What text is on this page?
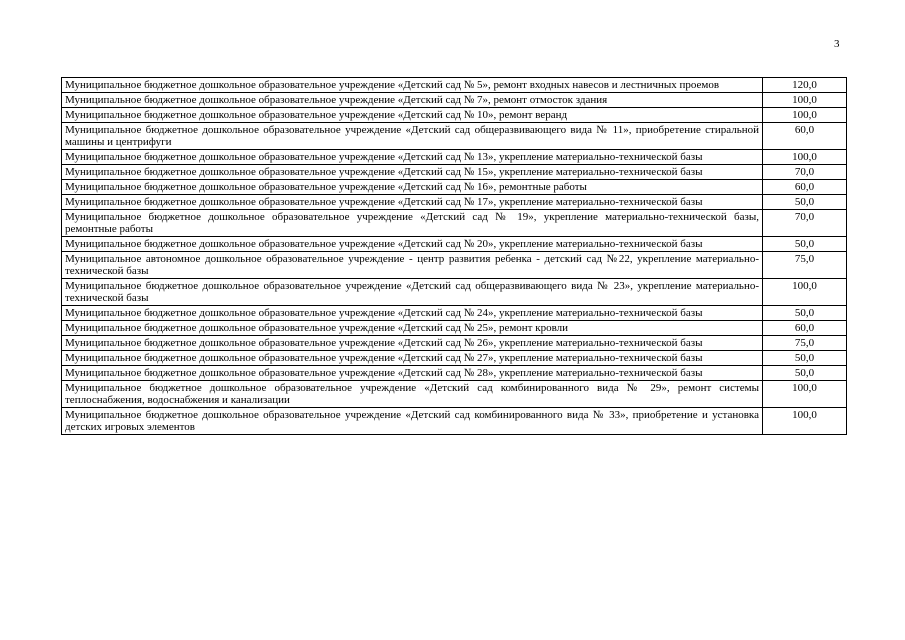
3
Муниципальное бюджетное дошкольное образовательное учреждение «Детский сад № 5», ремонт входных навесов и лестничных проемов	120,0
Муниципальное бюджетное дошкольное образовательное учреждение «Детский сад № 7», ремонт отмосток здания	100,0
Муниципальное бюджетное дошкольное образовательное учреждение «Детский сад № 10», ремонт веранд	100,0
Муниципальное бюджетное дошкольное образовательное учреждение «Детский сад общеразвивающего вида № 11», приобретение стиральной машины и центрифуги	60,0
Муниципальное бюджетное дошкольное образовательное учреждение «Детский сад № 13», укрепление материально-технической базы	100,0
Муниципальное бюджетное дошкольное образовательное учреждение «Детский сад № 15», укрепление материально-технической базы	70,0
Муниципальное бюджетное дошкольное образовательное учреждение «Детский сад № 16», ремонтные работы	60,0
Муниципальное бюджетное дошкольное образовательное учреждение «Детский сад № 17», укрепление материально-технической базы	50,0
Муниципальное бюджетное дошкольное образовательное учреждение «Детский сад № 19», укрепление материально-технической базы, ремонтные работы	70,0
Муниципальное бюджетное дошкольное образовательное учреждение «Детский сад № 20», укрепление материально-технической базы	50,0
Муниципальное автономное дошкольное образовательное учреждение - центр развития ребенка - детский сад №22, укрепление материально-технической базы	75,0
Муниципальное бюджетное дошкольное образовательное учреждение «Детский сад общеразвивающего вида № 23», укрепление материально-технической базы	100,0
Муниципальное бюджетное дошкольное образовательное учреждение «Детский сад № 24», укрепление материально-технической базы	50,0
Муниципальное бюджетное дошкольное образовательное учреждение «Детский сад № 25», ремонт кровли	60,0
Муниципальное бюджетное дошкольное образовательное учреждение «Детский сад № 26», укрепление материально-технической базы	75,0
Муниципальное бюджетное дошкольное образовательное учреждение «Детский сад № 27», укрепление материально-технической базы	50,0
Муниципальное бюджетное дошкольное образовательное учреждение «Детский сад № 28», укрепление материально-технической базы	50,0
Муниципальное бюджетное дошкольное образовательное учреждение «Детский сад комбинированного вида № 29», ремонт системы теплоснабжения, водоснабжения и канализации	100,0
Муниципальное бюджетное дошкольное образовательное учреждение «Детский сад комбинированного вида № 33», приобретение и установка детских игровых элементов	100,0
